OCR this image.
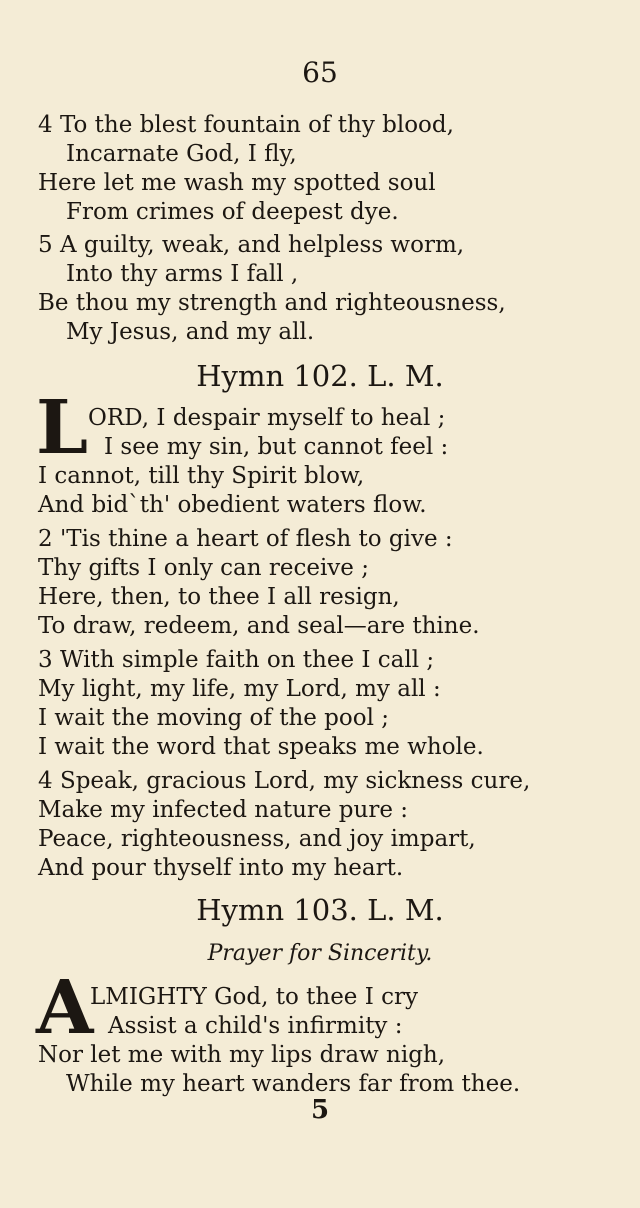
65
4 To the blest fountain of thy blood,
Incarnate God, I fly,
Here let me wash my spotted soul
From crimes of deepest dye.
5 A guilty, weak, and helpless worm,
Into thy arms I fall ,
Be thou my strength and righteousness,
My Jesus, and my all.
Hymn 102. L. M.
L ORD, I despair myself to heal ;
I see my sin, but cannot feel :
I cannot, till thy Spirit blow,
And bid`th' obedient waters flow.
2 'Tis thine a heart of flesh to give :
Thy gifts I only can receive ;
Here, then, to thee I all resign,
To draw, redeem, and seal—are thine.
3 With simple faith on thee I call ;
My light, my life, my Lord, my all :
I wait the moving of the pool ;
I wait the word that speaks me whole.
4 Speak, gracious Lord, my sickness cure,
Make my infected nature pure :
Peace, righteousness, and joy impart,
And pour thyself into my heart.
Hymn 103. L. M.
Prayer for Sincerity.
A
LMIGHTY God, to thee I cry
Assist a child's infirmity :
Nor let me with my lips draw nigh,
While my heart wanders far from thee.
5
